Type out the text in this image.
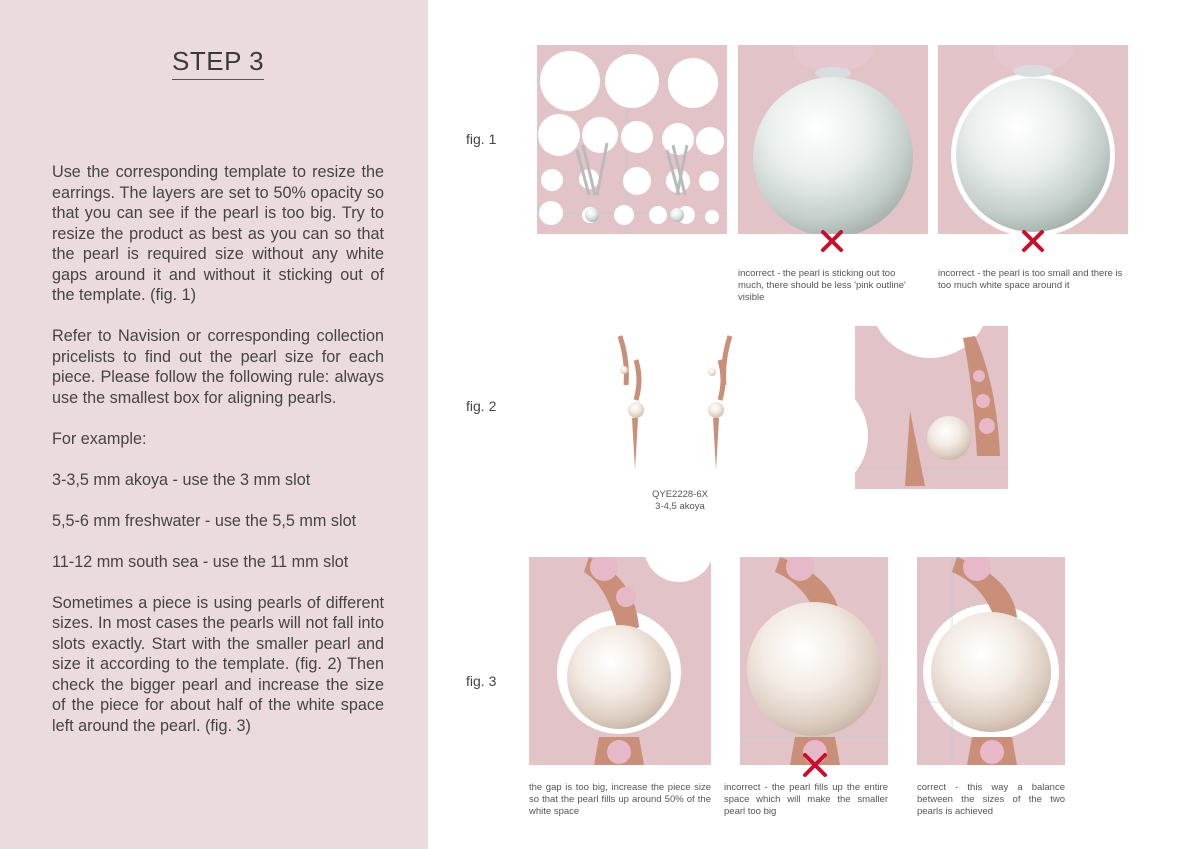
STEP 3

Use the corresponding template to resize the earrings. The layers are set to 50% opacity so that you can see if the pearl is too big. Try to resize the product as best as you can so that the pearl is required size without any white gaps around it and without it sticking out of the template. (fig. 1)

Refer to Navision or corresponding collection pricelists to find out the pearl size for each piece. Please follow the following rule: always use the smallest box for aligning pearls.

For example:

3-3,5 mm akoya - use the 3 mm slot

5,5-6 mm freshwater - use the 5,5 mm slot

11-12 mm south sea - use the 11 mm slot

Sometimes a piece is using pearls of different sizes. In most cases the pearls will not fall into slots exactly. Start with the smaller pearl and size it according to the template. (fig. 2) Then check the bigger pearl and increase the size of the piece for about half of the white space left around the pearl. (fig. 3)

fig. 1
incorrect - the pearl is sticking out too much, there should be less 'pink outline' visible
incorrect - the pearl is too small and there is too much white space around it
fig. 2
QYE2228-6X
3-4,5 akoya
fig. 3
the gap is too big, increase the piece size so that the pearl fills up around 50% of the white space
incorrect - the pearl fills up the entire space which will make the smaller pearl too big
correct - this way a balance between the sizes of the two pearls is achieved
